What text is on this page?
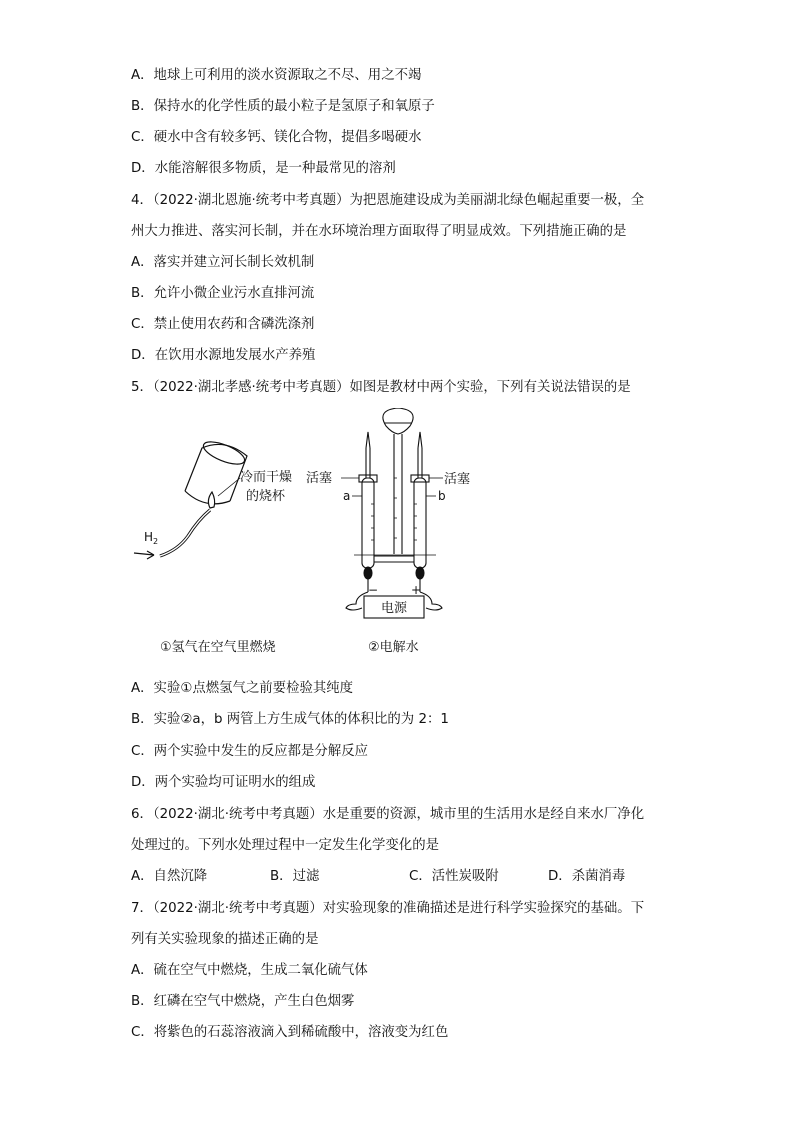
A．地球上可利用的淡水资源取之不尽、用之不竭
B．保持水的化学性质的最小粒子是氢原子和氧原子
C．硬水中含有较多钙、镁化合物，提倡多喝硬水
D．水能溶解很多物质，是一种最常见的溶剂
4．（2022·湖北恩施·统考中考真题）为把恩施建设成为美丽湖北绿色崛起重要一极，全
州大力推进、落实河长制，并在水环境治理方面取得了明显成效。下列措施正确的是
A．落实并建立河长制长效机制
B．允许小微企业污水直排河流
C．禁止使用农药和含磷洗涤剂
D．在饮用水源地发展水产养殖
5．（2022·湖北孝感·统考中考真题）如图是教材中两个实验，下列有关说法错误的是
冷而干燥
的烧杯
$H_2$
活塞	活塞
a	b
−	+
电源
①氢气在空气里燃烧	②电解水
A．实验①点燃氢气之前要检验其纯度
B．实验②a，b 两管上方生成气体的体积比的为 2：1
C．两个实验中发生的反应都是分解反应
D．两个实验均可证明水的组成
6．（2022·湖北·统考中考真题）水是重要的资源，城市里的生活用水是经自来水厂净化
处理过的。下列水处理过程中一定发生化学变化的是
A．自然沉降	B．过滤	C．活性炭吸附	D．杀菌消毒
7．（2022·湖北·统考中考真题）对实验现象的准确描述是进行科学实验探究的基础。下
列有关实验现象的描述正确的是
A．硫在空气中燃烧，生成二氧化硫气体
B．红磷在空气中燃烧，产生白色烟雾
C．将紫色的石蕊溶液滴入到稀硫酸中，溶液变为红色
